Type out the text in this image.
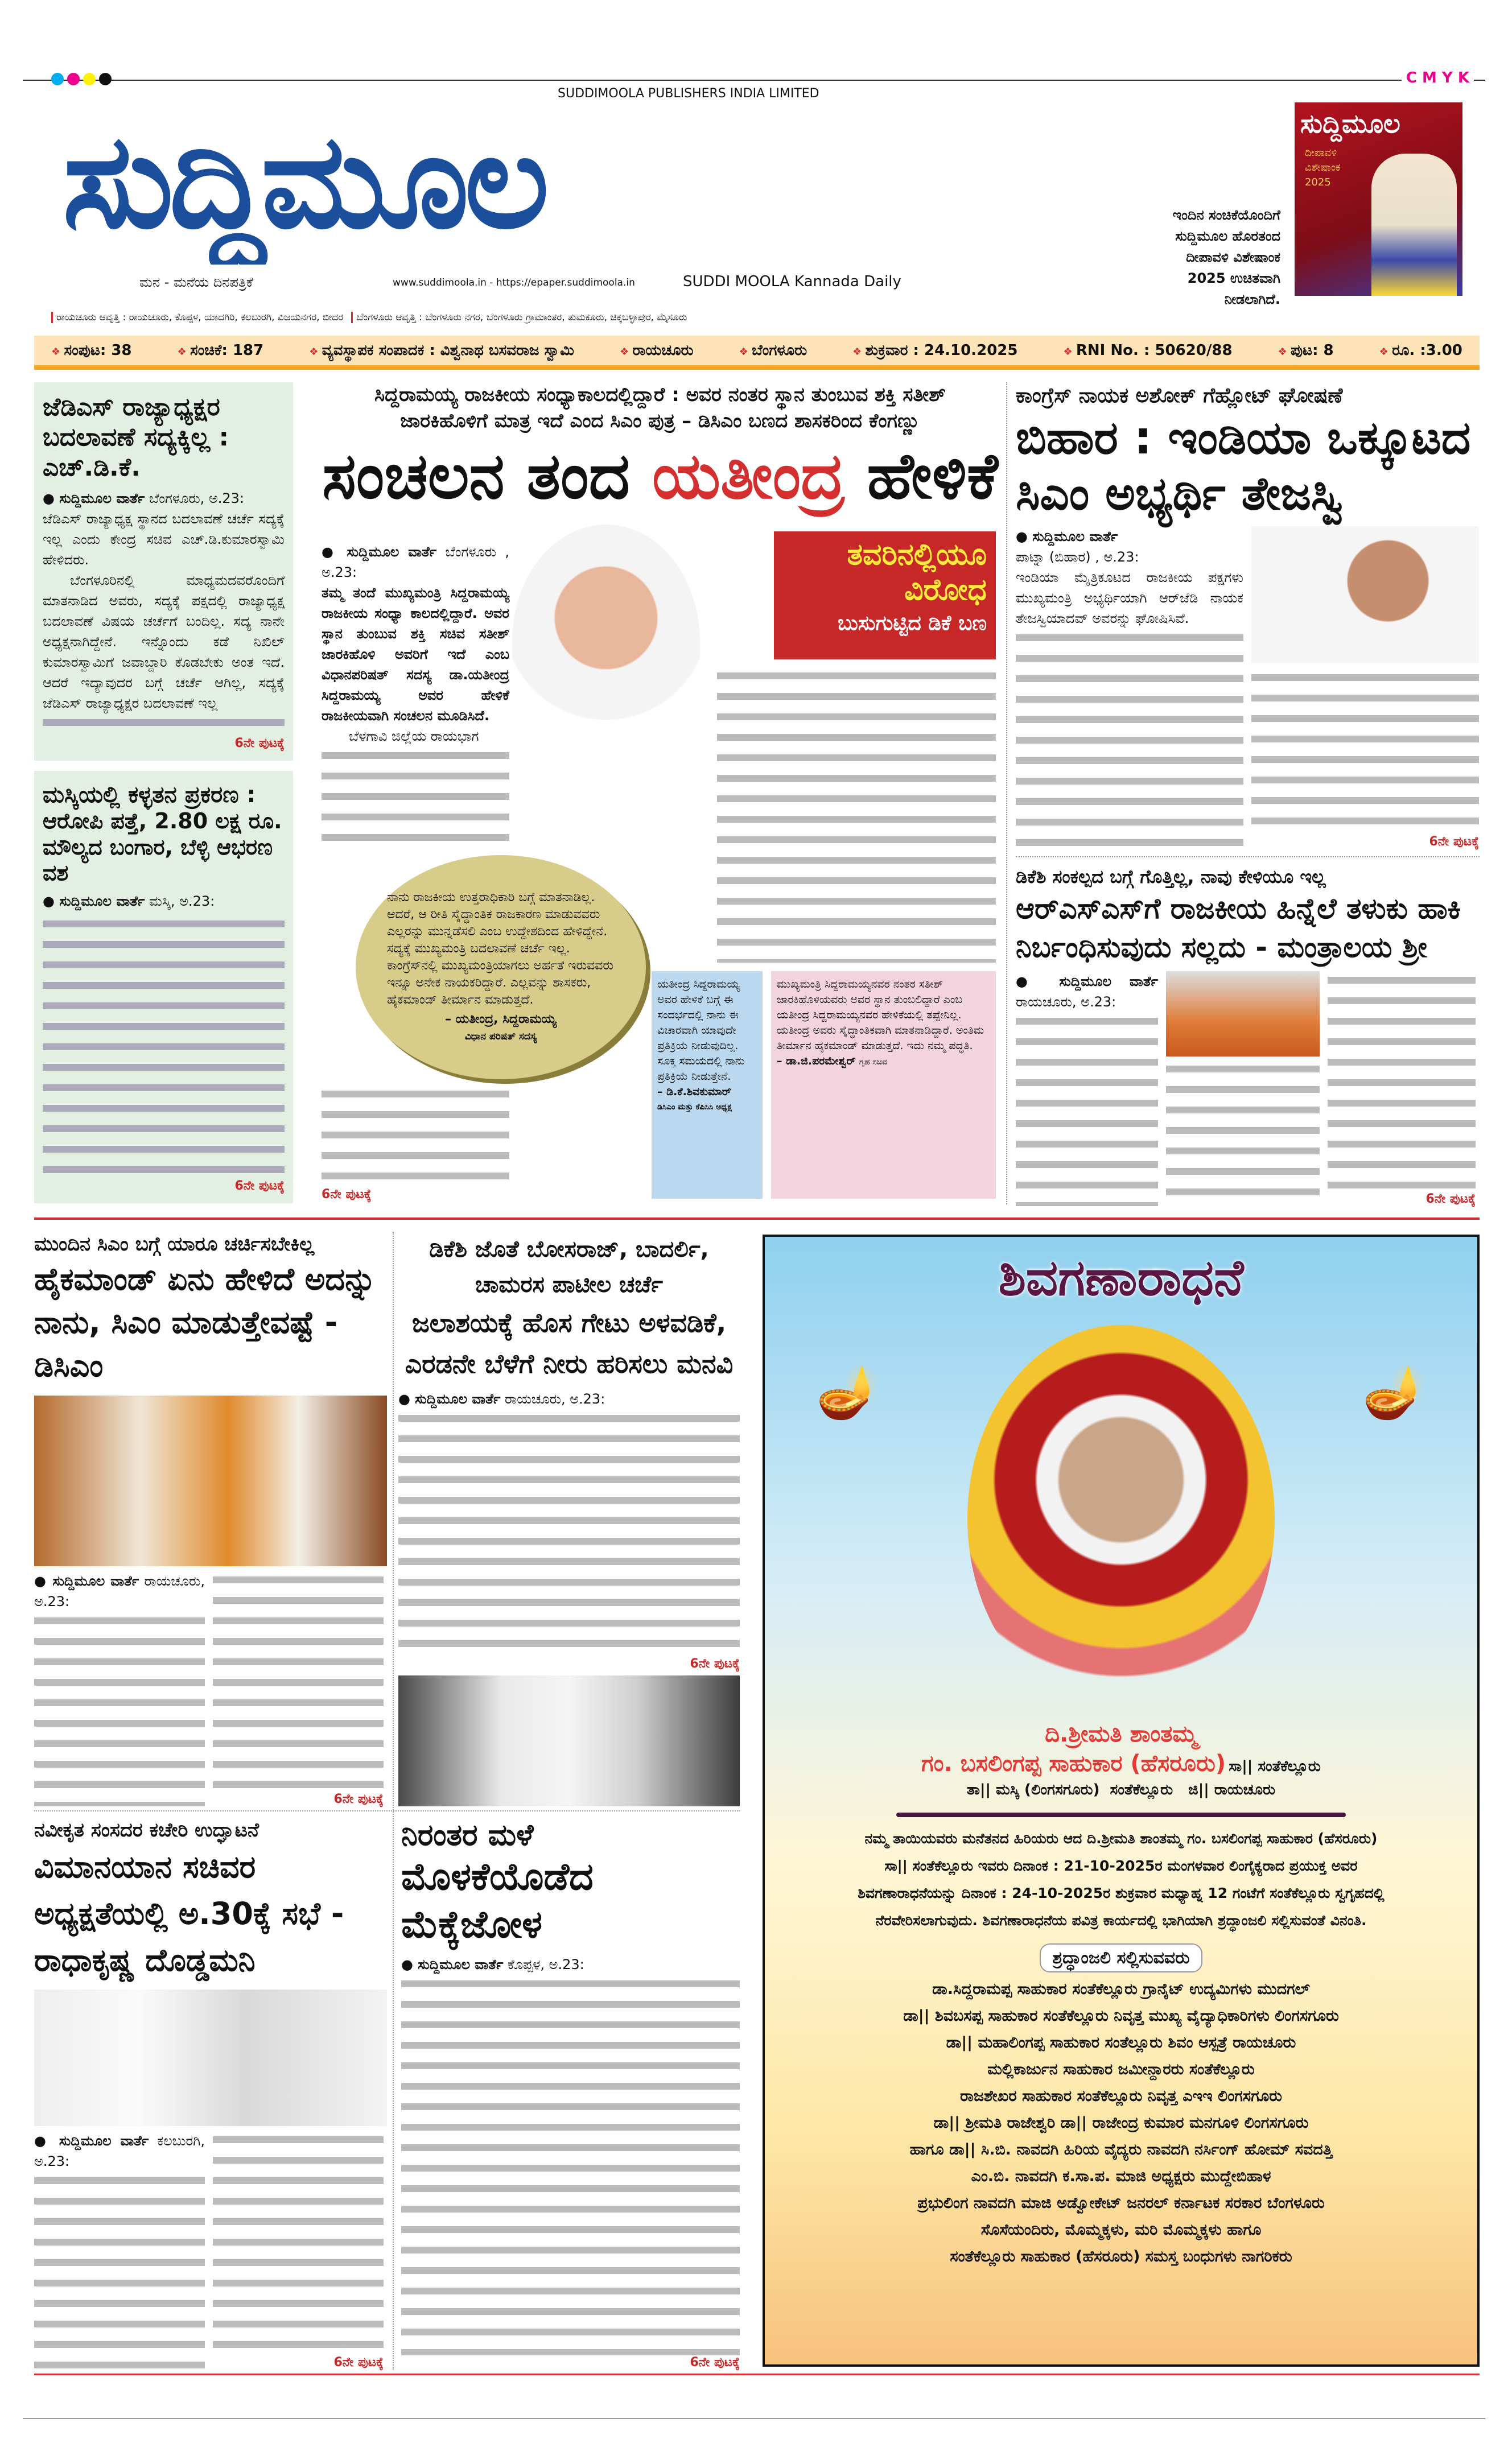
C M Y K
SUDDIMOOLA PUBLISHERS INDIA LIMITED
ಸುದ್ದಿಮೂಲ
ಮನ - ಮನೆಯ ದಿನಪತ್ರಿಕೆ	www.suddimoola.in - https://epaper.suddimoola.in	SUDDI MOOLA Kannada Daily
ರಾಯಚೂರು ಆವೃತ್ತಿ : ರಾಯಚೂರು, ಕೊಪ್ಪಳ, ಯಾದಗಿರಿ, ಕಲಬುರಗಿ, ವಿಜಯನಗರ, ಬೀದರ	ಬೆಂಗಳೂರು ಆವೃತ್ತಿ : ಬೆಂಗಳೂರು ನಗರ, ಬೆಂಗಳೂರು ಗ್ರಾಮಾಂತರ, ತುಮಕೂರು, ಚಿಕ್ಕಬಳ್ಳಾಪುರ, ಮೈಸೂರು
ಇಂದಿನ ಸಂಚಿಕೆಯೊಂದಿಗೆ
ಸುದ್ದಿಮೂಲ ಹೊರತಂದ
ದೀಪಾವಳಿ ವಿಶೇಷಾಂಕ
2025 ಉಚಿತವಾಗಿ
ನೀಡಲಾಗಿದೆ.
ಸುದ್ದಿಮೂಲ
ದೀಪಾವಳಿ
ವಿಶೇಷಾಂಕ
2025
❖ ಸಂಪುಟ: 38	❖ ಸಂಚಿಕೆ: 187	❖ ವ್ಯವಸ್ಥಾಪಕ ಸಂಪಾದಕ : ವಿಶ್ವನಾಥ ಬಸವರಾಜ ಸ್ವಾಮಿ	❖ ರಾಯಚೂರು	❖ ಬೆಂಗಳೂರು	❖ ಶುಕ್ರವಾರ : 24.10.2025	❖ RNI No. : 50620/88	❖ ಪುಟ: 8	❖ ರೂ. :3.00
ಜೆಡಿಎಸ್ ರಾಜ್ಯಾಧ್ಯಕ್ಷರ ಬದಲಾವಣೆ ಸದ್ಯಕ್ಕಿಲ್ಲ : ಎಚ್.ಡಿ.ಕೆ.
● ಸುದ್ದಿಮೂಲ ವಾರ್ತೆ ಬೆಂಗಳೂರು, ಅ.23:

ಜೆಡಿಎಸ್ ರಾಜ್ಯಾಧ್ಯಕ್ಷ ಸ್ಥಾನದ ಬದಲಾವಣೆ ಚರ್ಚೆ ಸದ್ಯಕ್ಕೆ ಇಲ್ಲ ಎಂದು ಕೇಂದ್ರ ಸಚಿವ ಎಚ್.ಡಿ.ಕುಮಾರಸ್ವಾಮಿ ಹೇಳಿದರು.

ಬೆಂಗಳೂರಿನಲ್ಲಿ ಮಾಧ್ಯಮದವರೊಂದಿಗೆ ಮಾತನಾಡಿದ ಅವರು, ಸದ್ಯಕ್ಕೆ ಪಕ್ಷದಲ್ಲಿ ರಾಜ್ಯಾಧ್ಯಕ್ಷ ಬದಲಾವಣೆ ವಿಷಯ ಚರ್ಚೆಗೆ ಬಂದಿಲ್ಲ. ಸದ್ಯ ನಾನೇ ಅಧ್ಯಕ್ಷನಾಗಿದ್ದೇನೆ. ಇನ್ನೊಂದು ಕಡೆ ನಿಖಿಲ್ ಕುಮಾರಸ್ವಾಮಿಗೆ ಜವಾಬ್ದಾರಿ ಕೊಡಬೇಕು ಅಂತ ಇದೆ. ಆದರೆ ಇದ್ಯಾವುದರ ಬಗ್ಗೆ ಚರ್ಚೆ ಆಗಿಲ್ಲ, ಸದ್ಯಕ್ಕೆ ಜೆಡಿಎಸ್ ರಾಜ್ಯಾಧ್ಯಕ್ಷರ ಬದಲಾವಣೆ ಇಲ್ಲ

6ನೇ ಪುಟಕ್ಕೆ
ಮಸ್ಕಿಯಲ್ಲಿ ಕಳ್ಳತನ ಪ್ರಕರಣ :
ಆರೋಪಿ ಪತ್ತೆ, 2.80 ಲಕ್ಷ ರೂ. ಮೌಲ್ಯದ ಬಂಗಾರ, ಬೆಳ್ಳಿ ಆಭರಣ ವಶ
● ಸುದ್ದಿಮೂಲ ವಾರ್ತೆ ಮಸ್ಕಿ, ಅ.23:
6ನೇ ಪುಟಕ್ಕೆ
ಸಿದ್ದರಾಮಯ್ಯ ರಾಜಕೀಯ ಸಂಧ್ಯಾಕಾಲದಲ್ಲಿದ್ದಾರೆ : ಅವರ ನಂತರ ಸ್ಥಾನ ತುಂಬುವ ಶಕ್ತಿ ಸತೀಶ್
ಜಾರಕಿಹೊಳಿಗೆ ಮಾತ್ರ ಇದೆ ಎಂದ ಸಿಎಂ ಪುತ್ರ – ಡಿಸಿಎಂ ಬಣದ ಶಾಸಕರಿಂದ ಕೆಂಗಣ್ಣು
ಸಂಚಲನ ತಂದ ಯತೀಂದ್ರ ಹೇಳಿಕೆ
ತವರಿನಲ್ಲಿಯೂ
ವಿರೋಧ
ಬುಸುಗುಟ್ಟಿದ ಡಿಕೆ ಬಣ
● ಸುದ್ದಿಮೂಲ ವಾರ್ತೆ ಬೆಂಗಳೂರು , ಅ.23:

ತಮ್ಮ ತಂದೆ ಮುಖ್ಯಮಂತ್ರಿ ಸಿದ್ದರಾಮಯ್ಯ ರಾಜಕೀಯ ಸಂಧ್ಯಾ ಕಾಲದಲ್ಲಿದ್ದಾರೆ. ಅವರ ಸ್ಥಾನ ತುಂಬುವ ಶಕ್ತಿ ಸಚಿವ ಸತೀಶ್ ಜಾರಕಿಹೊಳಿ ಅವರಿಗೆ ಇದೆ ಎಂಬ ವಿಧಾನಪರಿಷತ್ ಸದಸ್ಯ ಡಾ.ಯತೀಂದ್ರ ಸಿದ್ದರಾಮಯ್ಯ ಅವರ ಹೇಳಿಕೆ ರಾಜಕೀಯವಾಗಿ ಸಂಚಲನ ಮೂಡಿಸಿದೆ.

ಬೆಳಗಾವಿ ಜಿಲ್ಲೆಯ ರಾಯಭಾಗ

ನಾನು ರಾಜಕೀಯ ಉತ್ತರಾಧಿಕಾರಿ ಬಗ್ಗೆ ಮಾತನಾಡಿಲ್ಲ. ಆದರೆ, ಆ ರೀತಿ ಸೈದ್ಧಾಂತಿಕ ರಾಜಕಾರಣ ಮಾಡುವವರು ಎಲ್ಲರನ್ನು ಮುನ್ನಡೆಸಲಿ ಎಂಬ ಉದ್ದೇಶದಿಂದ ಹೇಳಿದ್ದೇನೆ. ಸದ್ಯಕ್ಕೆ ಮುಖ್ಯಮಂತ್ರಿ ಬದಲಾವಣೆ ಚರ್ಚೆ ಇಲ್ಲ. ಕಾಂಗ್ರೆಸ್‌ನಲ್ಲಿ ಮುಖ್ಯಮಂತ್ರಿಯಾಗಲು ಅರ್ಹತೆ ಇರುವವರು ಇನ್ನೂ ಅನೇಕ ನಾಯಕರಿದ್ದಾರೆ. ಎಲ್ಲವನ್ನು ಶಾಸಕರು, ಹೈಕಮಾಂಡ್ ತೀರ್ಮಾನ ಮಾಡುತ್ತದೆ.
– ಯತೀಂದ್ರ, ಸಿದ್ದರಾಮಯ್ಯ
ವಿಧಾನ ಪರಿಷತ್ ಸದಸ್ಯ
6ನೇ ಪುಟಕ್ಕೆ
ಯತೀಂದ್ರ ಸಿದ್ದರಾಮಯ್ಯ ಅವರ ಹೇಳಿಕೆ ಬಗ್ಗೆ ಈ ಸಂದರ್ಭದಲ್ಲಿ ನಾನು ಈ ವಿಚಾರವಾಗಿ ಯಾವುದೇ ಪ್ರತಿಕ್ರಿಯೆ ನೀಡುವುದಿಲ್ಲ. ಸೂಕ್ತ ಸಮಯದಲ್ಲಿ ನಾನು ಪ್ರತಿಕ್ರಿಯೆ ನೀಡುತ್ತೇನೆ.
– ಡಿ.ಕೆ.ಶಿವಕುಮಾರ್
ಡಿಸಿಎಂ ಮತ್ತು ಕೆಪಿಸಿಸಿ ಅಧ್ಯಕ್ಷ
ಮುಖ್ಯಮಂತ್ರಿ ಸಿದ್ದರಾಮಯ್ಯನವರ ನಂತರ ಸತೀಶ್ ಜಾರಕಿಹೊಳಿಯವರು ಅವರ ಸ್ಥಾನ ತುಂಬಲಿದ್ದಾರೆ ಎಂಬ ಯತೀಂದ್ರ ಸಿದ್ದರಾಮಯ್ಯನವರ ಹೇಳಿಕೆಯಲ್ಲಿ ತಪ್ಪೇನಿಲ್ಲ. ಯತೀಂದ್ರ ಅವರು ಸೈದ್ಧಾಂತಿಕವಾಗಿ ಮಾತನಾಡಿದ್ದಾರೆ. ಅಂತಿಮ ತೀರ್ಮಾನ ಹೈಕಮಾಂಡ್ ಮಾಡುತ್ತದೆ. ಇದು ನಮ್ಮ ಪದ್ಧತಿ.
– ಡಾ.ಜಿ.ಪರಮೇಶ್ವರ್ ಗೃಹ ಸಚಿವ
ಕಾಂಗ್ರೆಸ್ ನಾಯಕ ಅಶೋಕ್ ಗೆಹ್ಲೋಟ್ ಘೋಷಣೆ
ಬಿಹಾರ : ಇಂಡಿಯಾ ಒಕ್ಕೂಟದ ಸಿಎಂ ಅಭ್ಯರ್ಥಿ ತೇಜಸ್ವಿ
● ಸುದ್ದಿಮೂಲ ವಾರ್ತೆ
ಪಾಟ್ನಾ (ಬಿಹಾರ) , ಅ.23:

ಇಂಡಿಯಾ ಮೈತ್ರಿಕೂಟದ ರಾಜಕೀಯ ಪಕ್ಷಗಳು ಮುಖ್ಯಮಂತ್ರಿ ಅಭ್ಯರ್ಥಿಯಾಗಿ ಆರ್‌ಜೆಡಿ ನಾಯಕ ತೇಜಸ್ವಿಯಾದವ್ ಅವರನ್ನು ಘೋಷಿಸಿವೆ.

6ನೇ ಪುಟಕ್ಕೆ
ಡಿಕೆಶಿ ಸಂಕಲ್ಪದ ಬಗ್ಗೆ ಗೊತ್ತಿಲ್ಲ, ನಾವು ಕೇಳಿಯೂ ಇಲ್ಲ
ಆರ್‌ಎಸ್‌ಎಸ್‌ಗೆ ರಾಜಕೀಯ ಹಿನ್ನೆಲೆ ತಳುಕು ಹಾಕಿ ನಿರ್ಬಂಧಿಸುವುದು ಸಲ್ಲದು - ಮಂತ್ರಾಲಯ ಶ್ರೀ
● ಸುದ್ದಿಮೂಲ ವಾರ್ತೆ ರಾಯಚೂರು, ಅ.23:
6ನೇ ಪುಟಕ್ಕೆ
ಮುಂದಿನ ಸಿಎಂ ಬಗ್ಗೆ ಯಾರೂ ಚರ್ಚಿಸಬೇಕಿಲ್ಲ
ಹೈಕಮಾಂಡ್ ಏನು ಹೇಳಿದೆ ಅದನ್ನು ನಾನು, ಸಿಎಂ ಮಾಡುತ್ತೇವಷ್ಟೆ - ಡಿಸಿಎಂ
● ಸುದ್ದಿಮೂಲ ವಾರ್ತೆ ರಾಯಚೂರು, ಅ.23:
6ನೇ ಪುಟಕ್ಕೆ
ಡಿಕೆಶಿ ಜೊತೆ ಬೋಸರಾಜ್, ಬಾದರ್ಲಿ, ಚಾಮರಸ ಪಾಟೀಲ ಚರ್ಚೆ
ಜಲಾಶಯಕ್ಕೆ ಹೊಸ ಗೇಟು ಅಳವಡಿಕೆ, ಎರಡನೇ ಬೆಳೆಗೆ ನೀರು ಹರಿಸಲು ಮನವಿ
● ಸುದ್ದಿಮೂಲ ವಾರ್ತೆ ರಾಯಚೂರು, ಅ.23:
6ನೇ ಪುಟಕ್ಕೆ
ನವೀಕೃತ ಸಂಸದರ ಕಚೇರಿ ಉದ್ಘಾಟನೆ
ವಿಮಾನಯಾನ ಸಚಿವರ ಅಧ್ಯಕ್ಷತೆಯಲ್ಲಿ ಅ.30ಕ್ಕೆ ಸಭೆ - ರಾಧಾಕೃಷ್ಣ ದೊಡ್ಡಮನಿ
● ಸುದ್ದಿಮೂಲ ವಾರ್ತೆ ಕಲಬುರಗಿ, ಅ.23:
6ನೇ ಪುಟಕ್ಕೆ
ನಿರಂತರ ಮಳೆ
ಮೊಳಕೆಯೊಡೆದ ಮೆಕ್ಕೆಜೋಳ
● ಸುದ್ದಿಮೂಲ ವಾರ್ತೆ ಕೊಪ್ಪಳ, ಅ.23:
6ನೇ ಪುಟಕ್ಕೆ
ಶಿವಗಣಾರಾಧನೆ
🪔	🪔
ದಿ.ಶ್ರೀಮತಿ ಶಾಂತಮ್ಮ
ಗಂ. ಬಸಲಿಂಗಪ್ಪ ಸಾಹುಕಾರ (ಹೆಸರೂರು) ಸಾ|| ಸಂತೆಕೆಲ್ಲೂರು
ತಾ|| ಮಸ್ಕಿ (ಲಿಂಗಸಗೂರು)  ಸಂತೆಕೆಲ್ಲೂರು   ಜಿ|| ರಾಯಚೂರು
ನಮ್ಮ ತಾಯಿಯವರು ಮನೆತನದ ಹಿರಿಯರು ಆದ ದಿ.ಶ್ರೀಮತಿ ಶಾಂತಮ್ಮ ಗಂ. ಬಸಲಿಂಗಪ್ಪ ಸಾಹುಕಾರ (ಹೆಸರೂರು)
ಸಾ|| ಸಂತೆಕೆಲ್ಲೂರು ಇವರು ದಿನಾಂಕ : 21-10-2025ರ ಮಂಗಳವಾರ ಲಿಂಗೈಕ್ಯರಾದ ಪ್ರಯುಕ್ತ ಅವರ
ಶಿವಗಣಾರಾಧನೆಯನ್ನು ದಿನಾಂಕ : 24-10-2025ರ ಶುಕ್ರವಾರ ಮಧ್ಯಾಹ್ನ 12 ಗಂಟೆಗೆ ಸಂತೆಕೆಲ್ಲೂರು ಸ್ವಗೃಹದಲ್ಲಿ
ನೆರವೇರಿಸಲಾಗುವುದು. ಶಿವಗಣಾರಾಧನೆಯ ಪವಿತ್ರ ಕಾರ್ಯದಲ್ಲಿ ಭಾಗಿಯಾಗಿ ಶ್ರದ್ಧಾಂಜಲಿ ಸಲ್ಲಿಸುವಂತೆ ವಿನಂತಿ.
ಶ್ರದ್ಧಾಂಜಲಿ ಸಲ್ಲಿಸುವವರು
ಡಾ.ಸಿದ್ದರಾಮಪ್ಪ ಸಾಹುಕಾರ ಸಂತೆಕೆಲ್ಲೂರು ಗ್ರಾನೈಟ್ ಉದ್ಯಮಿಗಳು ಮುದಗಲ್
ಡಾ|| ಶಿವಬಸಪ್ಪ ಸಾಹುಕಾರ ಸಂತೆಕೆಲ್ಲೂರು ನಿವೃತ್ತ ಮುಖ್ಯ ವೈದ್ಯಾಧಿಕಾರಿಗಳು ಲಿಂಗಸಗೂರು
ಡಾ|| ಮಹಾಲಿಂಗಪ್ಪ ಸಾಹುಕಾರ ಸಂತೆಲ್ಲೂರು ಶಿವಂ ಆಸ್ಪತ್ರೆ ರಾಯಚೂರು
ಮಲ್ಲಿಕಾರ್ಜುನ ಸಾಹುಕಾರ ಜಮೀನ್ದಾರರು ಸಂತೆಕೆಲ್ಲೂರು
ರಾಜಶೇಖರ ಸಾಹುಕಾರ ಸಂತೆಕೆಲ್ಲೂರು ನಿವೃತ್ತ ಎಇಇ ಲಿಂಗಸಗೂರು
ಡಾ|| ಶ್ರೀಮತಿ ರಾಜೇಶ್ವರಿ ಡಾ|| ರಾಜೇಂದ್ರ ಕುಮಾರ ಮನಗೂಳಿ ಲಿಂಗಸಗೂರು
ಹಾಗೂ ಡಾ|| ಸಿ.ಬಿ. ನಾವದಗಿ ಹಿರಿಯ ವೈದ್ಯರು ನಾವದಗಿ ನರ್ಸಿಂಗ್ ಹೋಮ್ ಸವದತ್ತಿ
ಎಂ.ಬಿ. ನಾವದಗಿ ಕ.ಸಾ.ಪ. ಮಾಜಿ ಅಧ್ಯಕ್ಷರು ಮುದ್ದೇಬಿಹಾಳ
ಪ್ರಭುಲಿಂಗ ನಾವದಗಿ ಮಾಜಿ ಅಡ್ವೋಕೇಟ್ ಜನರಲ್ ಕರ್ನಾಟಕ ಸರಕಾರ ಬೆಂಗಳೂರು
ಸೊಸೆಯಂದಿರು, ಮೊಮ್ಮಕ್ಕಳು, ಮರಿ ಮೊಮ್ಮಕ್ಕಳು ಹಾಗೂ
ಸಂತೆಕೆಲ್ಲೂರು ಸಾಹುಕಾರ (ಹೆಸರೂರು) ಸಮಸ್ತ ಬಂಧುಗಳು ನಾಗರಿಕರು
